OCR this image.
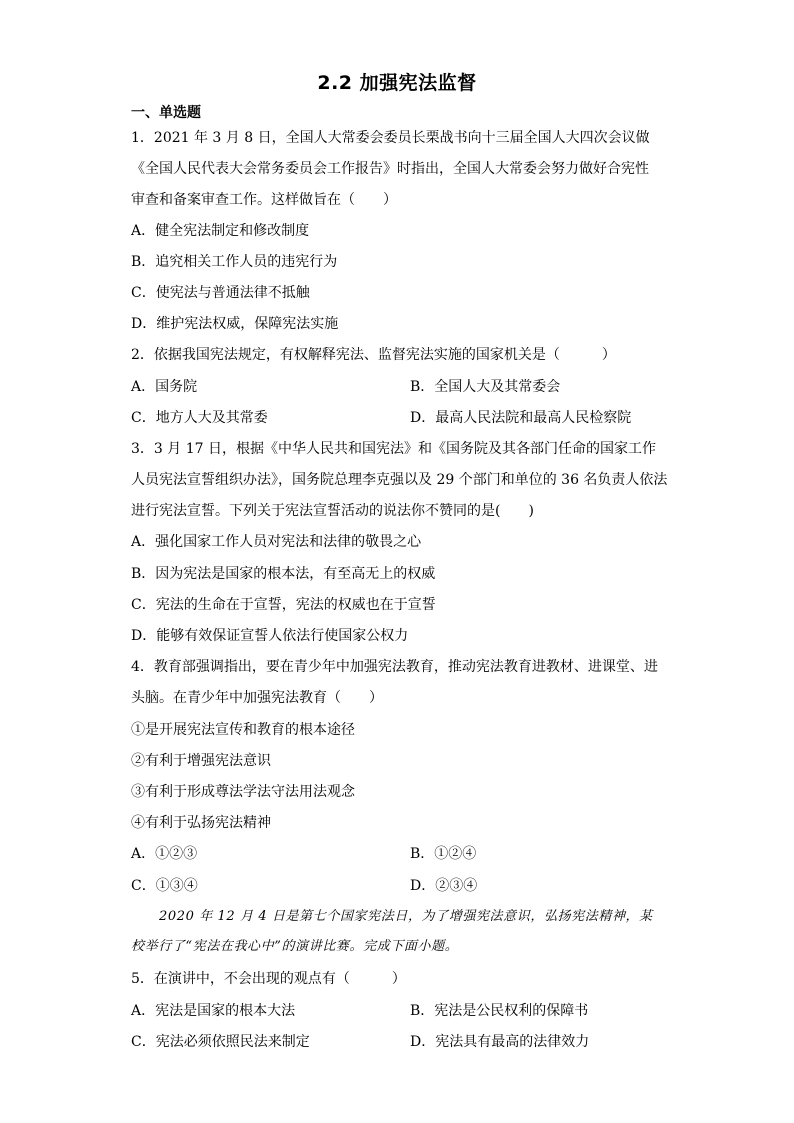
2.2 加强宪法监督
一、单选题
1．2021 年 3 月 8 日，全国人大常委会委员长栗战书向十三届全国人大四次会议做
《全国人民代表大会常务委员会工作报告》时指出，全国人大常委会努力做好合宪性
审查和备案审查工作。这样做旨在（　　）
A．健全宪法制定和修改制度
B．追究相关工作人员的违宪行为
C．使宪法与普通法律不抵触
D．维护宪法权威，保障宪法实施
2．依据我国宪法规定，有权解释宪法、监督宪法实施的国家机关是（　　　）
A．国务院	B．全国人大及其常委会
C．地方人大及其常委	D．最高人民法院和最高人民检察院
3．3 月 17 日，根据《中华人民共和国宪法》和《国务院及其各部门任命的国家工作
人员宪法宣誓组织办法》，国务院总理李克强以及 29 个部门和单位的 36 名负责人依法
进行宪法宣誓。下列关于宪法宣誓活动的说法你不赞同的是(　　)
A．强化国家工作人员对宪法和法律的敬畏之心
B．因为宪法是国家的根本法，有至高无上的权威
C．宪法的生命在于宣誓，宪法的权威也在于宣誓
D．能够有效保证宣誓人依法行使国家公权力
4．教育部强调指出，要在青少年中加强宪法教育，推动宪法教育进教材、进课堂、进
头脑。在青少年中加强宪法教育（　　）
①是开展宪法宣传和教育的根本途径
②有利于增强宪法意识
③有利于形成尊法学法守法用法观念
④有利于弘扬宪法精神
A．①②③	B．①②④
C．①③④	D．②③④
2020 年 12 月 4 日是第七个国家宪法日，为了增强宪法意识，弘扬宪法精神，某
校举行了“宪法在我心中”的演讲比赛。完成下面小题。
5．在演讲中，不会出现的观点有（　　　）
A．宪法是国家的根本大法	B．宪法是公民权利的保障书
C．宪法必须依照民法来制定	D．宪法具有最高的法律效力
